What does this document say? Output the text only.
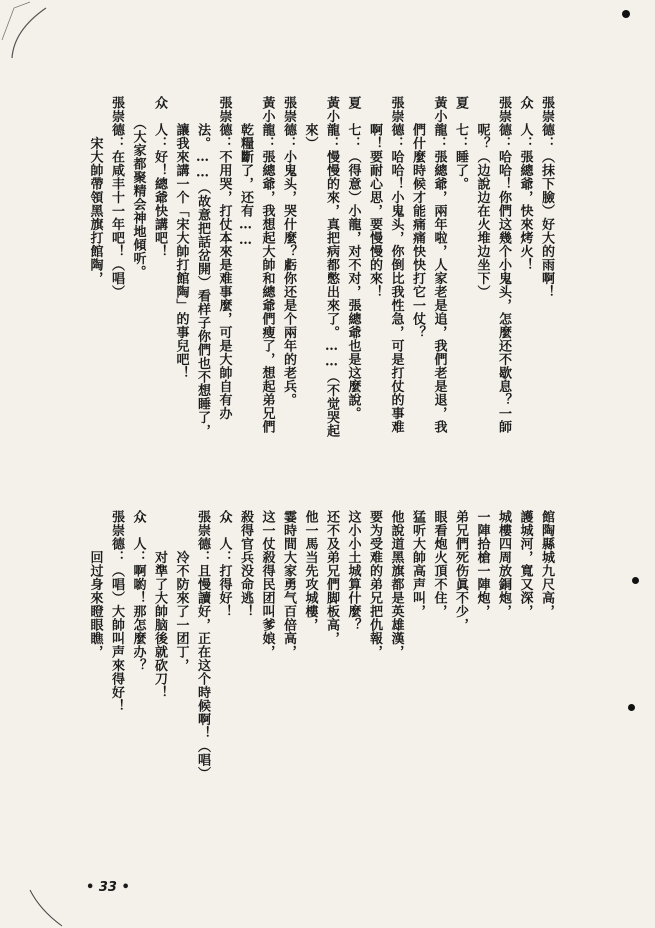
• 33 •
張崇德：（抹下臉）好大的雨啊！
众　人：張總爺，快來烤火！
張崇德：哈哈！你們这幾个小鬼头，怎麼还不歇息？一師
　　呢？（边說边在火堆边坐下）
夏　七：睡了。
黃小龍：張總爺，兩年啦，人家老是追，我們老是退，我
　　們什麼時候才能痛痛快快打它一仗？
張崇德：哈哈！小鬼头，你倒比我性急，可是打仗的事难
　　啊！要耐心思，要慢慢的來！
夏　七：（得意）小龍，对不对，張總爺也是这麼說。
黃小龍：慢慢的來，真把病都憋出來了。……（不觉哭起
　　來）
張崇德：小鬼头，哭什麼？虧你还是个兩年的老兵。
黃小龍：張總爺，我想起大帥和總爺們瘦了，想起弟兄們
　　乾糧斷了，还有……
張崇德：不用哭，打仗本來是难事麼，可是大帥自有办
　　法。……（故意把話岔開）看样子你們也不想睡了，
　　讓我來講一个「宋大帥打館陶」的事兒吧！
众　人：好！總爺快講吧！
　　（大家都聚精会神地傾听。
張崇德：在咸丰十一年吧！（唱）
　　　宋大帥帶領黑旗打館陶，
館陶縣城九尺高，
護城河，寬又深，
城樓四周放銅炮，
一陣拾槍一陣炮，
弟兄們死伤眞不少，
眼看炮火頂不住，
猛听大帥高声叫，
他說道黑旗都是英雄漢，
要为受难的弟兄把仇報，
这小小土城算什麼？
还不及弟兄們脚板高，
他一馬当先攻城樓，
霎時間大家勇气百倍高，
这一仗殺得民团叫爹娘，
殺得官兵没命逃！
众　人：打得好！
張崇德：且慢讀好，正在这个時候啊！（唱）
　　　冷不防來了一团丁，
　　　对準了大帥脑後就砍刀！
众　人：啊喲！那怎麼办？
張崇德：（唱）大帥叫声來得好！
　　　回过身來瞪眼瞧，
